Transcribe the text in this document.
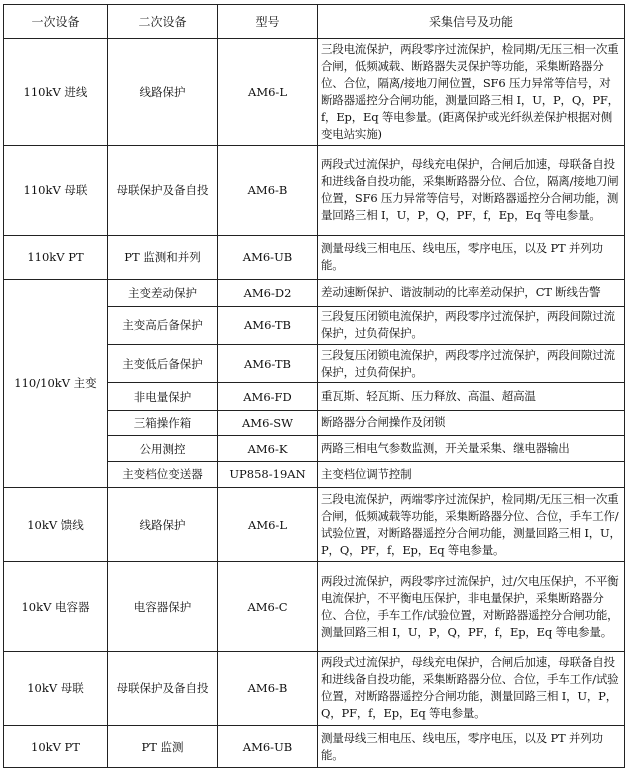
一次设备	二次设备	型号	采集信号及功能
110kV 进线	线路保护	AM6-L	三段电流保护，两段零序过流保护，检同期/无压三相一次重合闸，低频减载、断路器失灵保护等功能，采集断路器分位、合位，隔离/接地刀闸位置，SF6 压力异常等信号，对断路器遥控分合闸功能，测量回路三相 I，U，P，Q，PF，f，Ep，Eq 等电参量。(距离保护或光纤纵差保护根据对侧变电站实施)
110kV 母联	母联保护及备自投	AM6-B	两段式过流保护，母线充电保护，合闸后加速，母联备自投和进线备自投功能，采集断路器分位、合位，隔离/接地刀闸位置，SF6 压力异常等信号，对断路器遥控分合闸功能，测量回路三相 I，U，P，Q，PF，f，Ep，Eq 等电参量。
110kV PT	PT 监测和并列	AM6-UB	测量母线三相电压、线电压，零序电压，以及 PT 并列功能。
110/10kV 主变	主变差动保护	AM6-D2	差动速断保护、谐波制动的比率差动保护，CT 断线告警
	主变高后备保护	AM6-TB	三段复压闭锁电流保护，两段零序过流保护，两段间隙过流保护，过负荷保护。
	主变低后备保护	AM6-TB	三段复压闭锁电流保护，两段零序过流保护，两段间隙过流保护，过负荷保护。
	非电量保护	AM6-FD	重瓦斯、轻瓦斯、压力释放、高温、超高温
	三箱操作箱	AM6-SW	断路器分合闸操作及闭锁
	公用测控	AM6-K	两路三相电气参数监测，开关量采集、继电器输出
	主变档位变送器	UP858-19AN	主变档位调节控制
10kV 馈线	线路保护	AM6-L	三段电流保护，两端零序过流保护，检同期/无压三相一次重合闸，低频减载等功能，采集断路器分位、合位，手车工作/试验位置，对断路器遥控分合闸功能，测量回路三相 I，U，P，Q，PF，f，Ep，Eq 等电参量。
10kV 电容器	电容器保护	AM6-C	两段过流保护，两段零序过流保护，过/欠电压保护，不平衡电流保护，不平衡电压保护，非电量保护，采集断路器分位、合位，手车工作/试验位置，对断路器遥控分合闸功能，测量回路三相 I，U，P，Q，PF，f，Ep，Eq 等电参量。
10kV 母联	母联保护及备自投	AM6-B	两段式过流保护，母线充电保护，合闸后加速，母联备自投和进线备自投功能，采集断路器分位、合位，手车工作/试验位置，对断路器遥控分合闸功能，测量回路三相 I，U，P，Q，PF，f，Ep，Eq 等电参量。
10kV PT	PT 监测	AM6-UB	测量母线三相电压、线电压，零序电压，以及 PT 并列功能。
